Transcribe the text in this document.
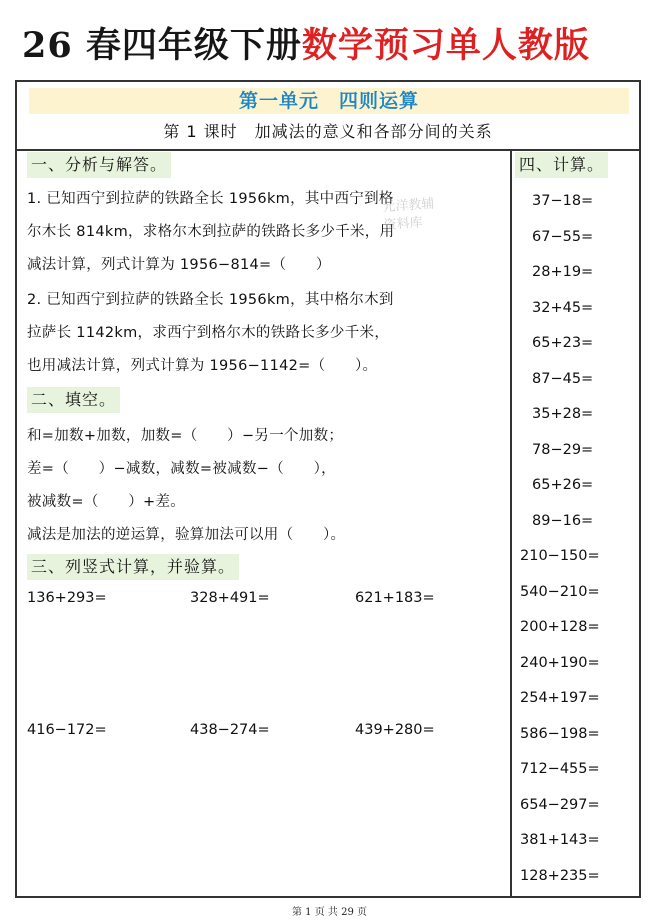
26 春四年级下册数学预习单人教版
第一单元　四则运算
第 1 课时　加减法的意义和各部分间的关系
一、分析与解答。
1. 已知西宁到拉萨的铁路全长 1956km，其中西宁到格
尔木长 814km，求格尔木到拉萨的铁路长多少千米，用
减法计算，列式计算为 1956−814=（　　）
2. 已知西宁到拉萨的铁路全长 1956km，其中格尔木到
拉萨长 1142km，求西宁到格尔木的铁路长多少千米，
也用减法计算，列式计算为 1956−1142=（　　）。
二、填空。
和=加数+加数，加数=（　　）−另一个加数；
差=（　　）−减数，减数=被减数−（　　），
被减数=（　　）+差。
减法是加法的逆运算，验算加法可以用（　　）。
三、列竖式计算，并验算。
136+293=	328+491=	621+183=
416−172=	438−274=	439+280=
四、计算。
37−18=
67−55=
28+19=
32+45=
65+23=
87−45=
35+28=
78−29=
65+26=
89−16=
210−150=
540−210=
200+128=
240+190=
254+197=
586−198=
712−455=
654−297=
381+143=
128+235=
元洋教辅
资料库
第 1 页 共 29 页
